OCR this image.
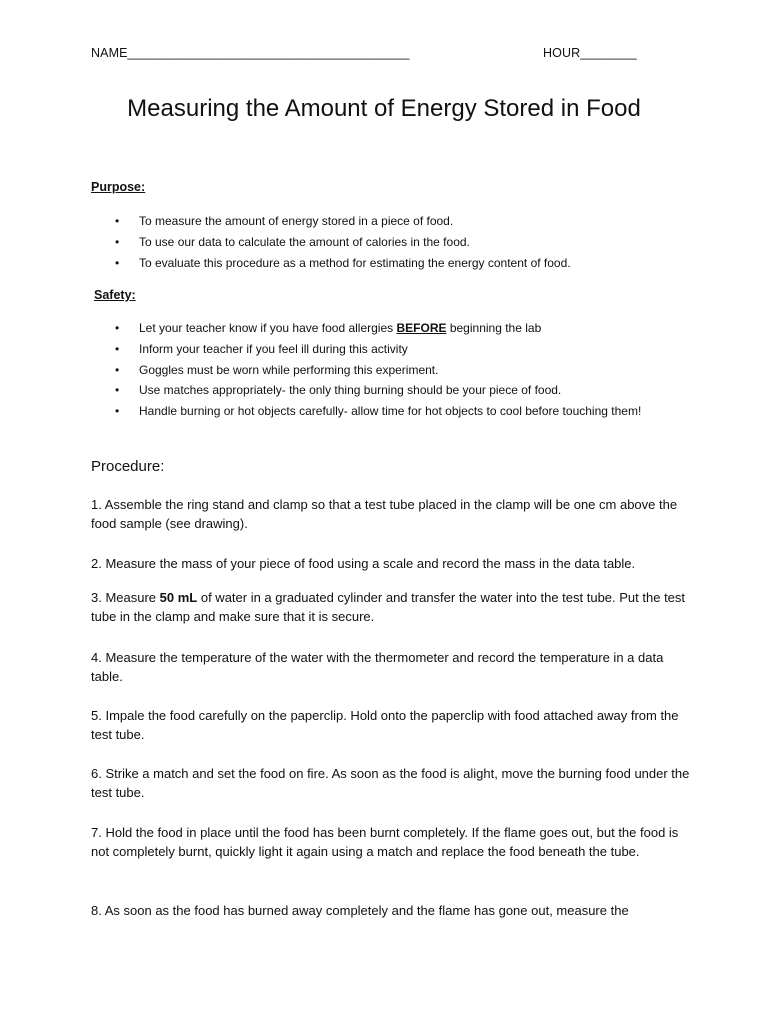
NAME________________________________________	HOUR________
Measuring the Amount of Energy Stored in Food
Purpose:
• To measure the amount of energy stored in a piece of food.
• To use our data to calculate the amount of calories in the food.
• To evaluate this procedure as a method for estimating the energy content of food.
Safety:
• Let your teacher know if you have food allergies BEFORE beginning the lab
• Inform your teacher if you feel ill during this activity
• Goggles must be worn while performing this experiment.
• Use matches appropriately- the only thing burning should be your piece of food.
• Handle burning or hot objects carefully- allow time for hot objects to cool before touching them!
Procedure:

1. Assemble the ring stand and clamp so that a test tube placed in the clamp will be one cm above the food sample (see drawing).

2. Measure the mass of your piece of food using a scale and record the mass in the data table.

3. Measure 50 mL of water in a graduated cylinder and transfer the water into the test tube. Put the test tube in the clamp and make sure that it is secure.

4. Measure the temperature of the water with the thermometer and record the temperature in a data table.

5. Impale the food carefully on the paperclip. Hold onto the paperclip with food attached away from the test tube.

6. Strike a match and set the food on fire. As soon as the food is alight, move the burning food under the test tube.

7. Hold the food in place until the food has been burnt completely. If the flame goes out, but the food is not completely burnt, quickly light it again using a match and replace the food beneath the tube.

8. As soon as the food has burned away completely and the flame has gone out, measure the
